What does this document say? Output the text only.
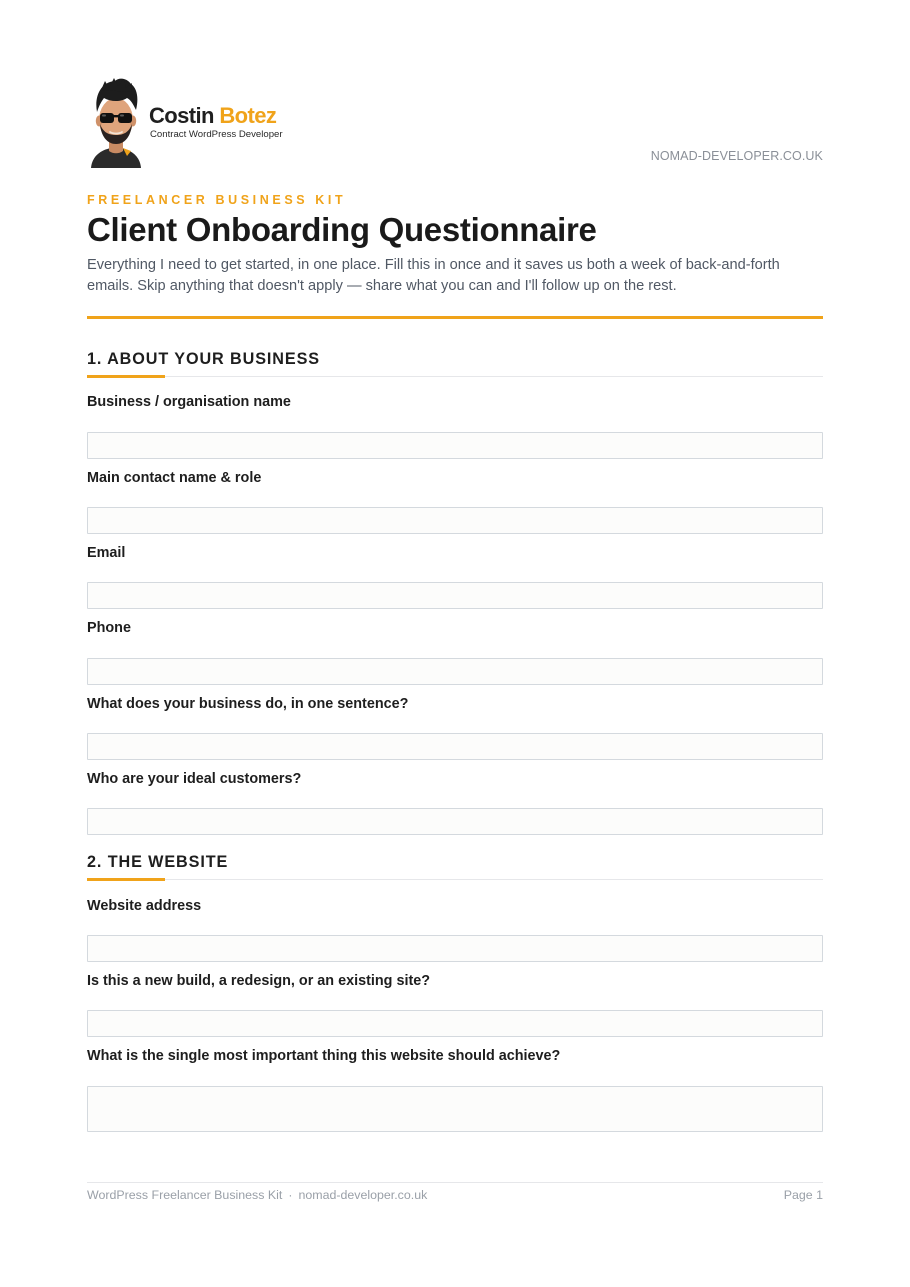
Costin Botez
Contract WordPress Developer
NOMAD-DEVELOPER.CO.UK
FREELANCER BUSINESS KIT
Client Onboarding Questionnaire

Everything I need to get started, in one place. Fill this in once and it saves us both a week of back-and-forth emails. Skip anything that doesn't apply — share what you can and I'll follow up on the rest.

1. ABOUT YOUR BUSINESS
Business / organisation name
Main contact name & role
Email
Phone
What does your business do, in one sentence?
Who are your ideal customers?
2. THE WEBSITE
Website address
Is this a new build, a redesign, or an existing site?
What is the single most important thing this website should achieve?
WordPress Freelancer Business Kit · nomad-developer.co.uk	Page 1
